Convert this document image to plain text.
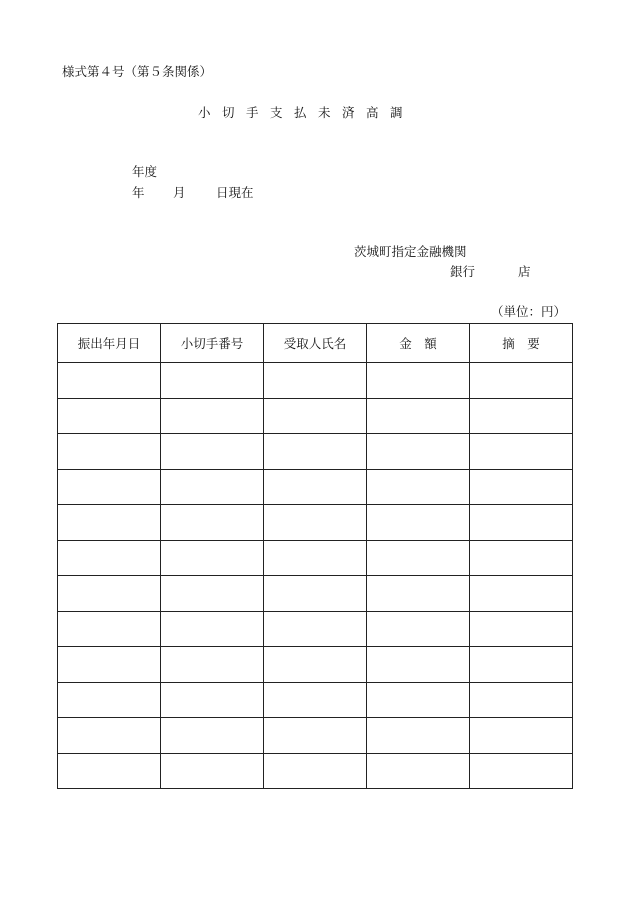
様式第４号（第５条関係）
小切手支払未済高調
年度
年 月 日現在
茨城町指定金融機関
銀行	店
（単位：円）
振出年月日	小切手番号	受取人氏名	金　額	摘　要
